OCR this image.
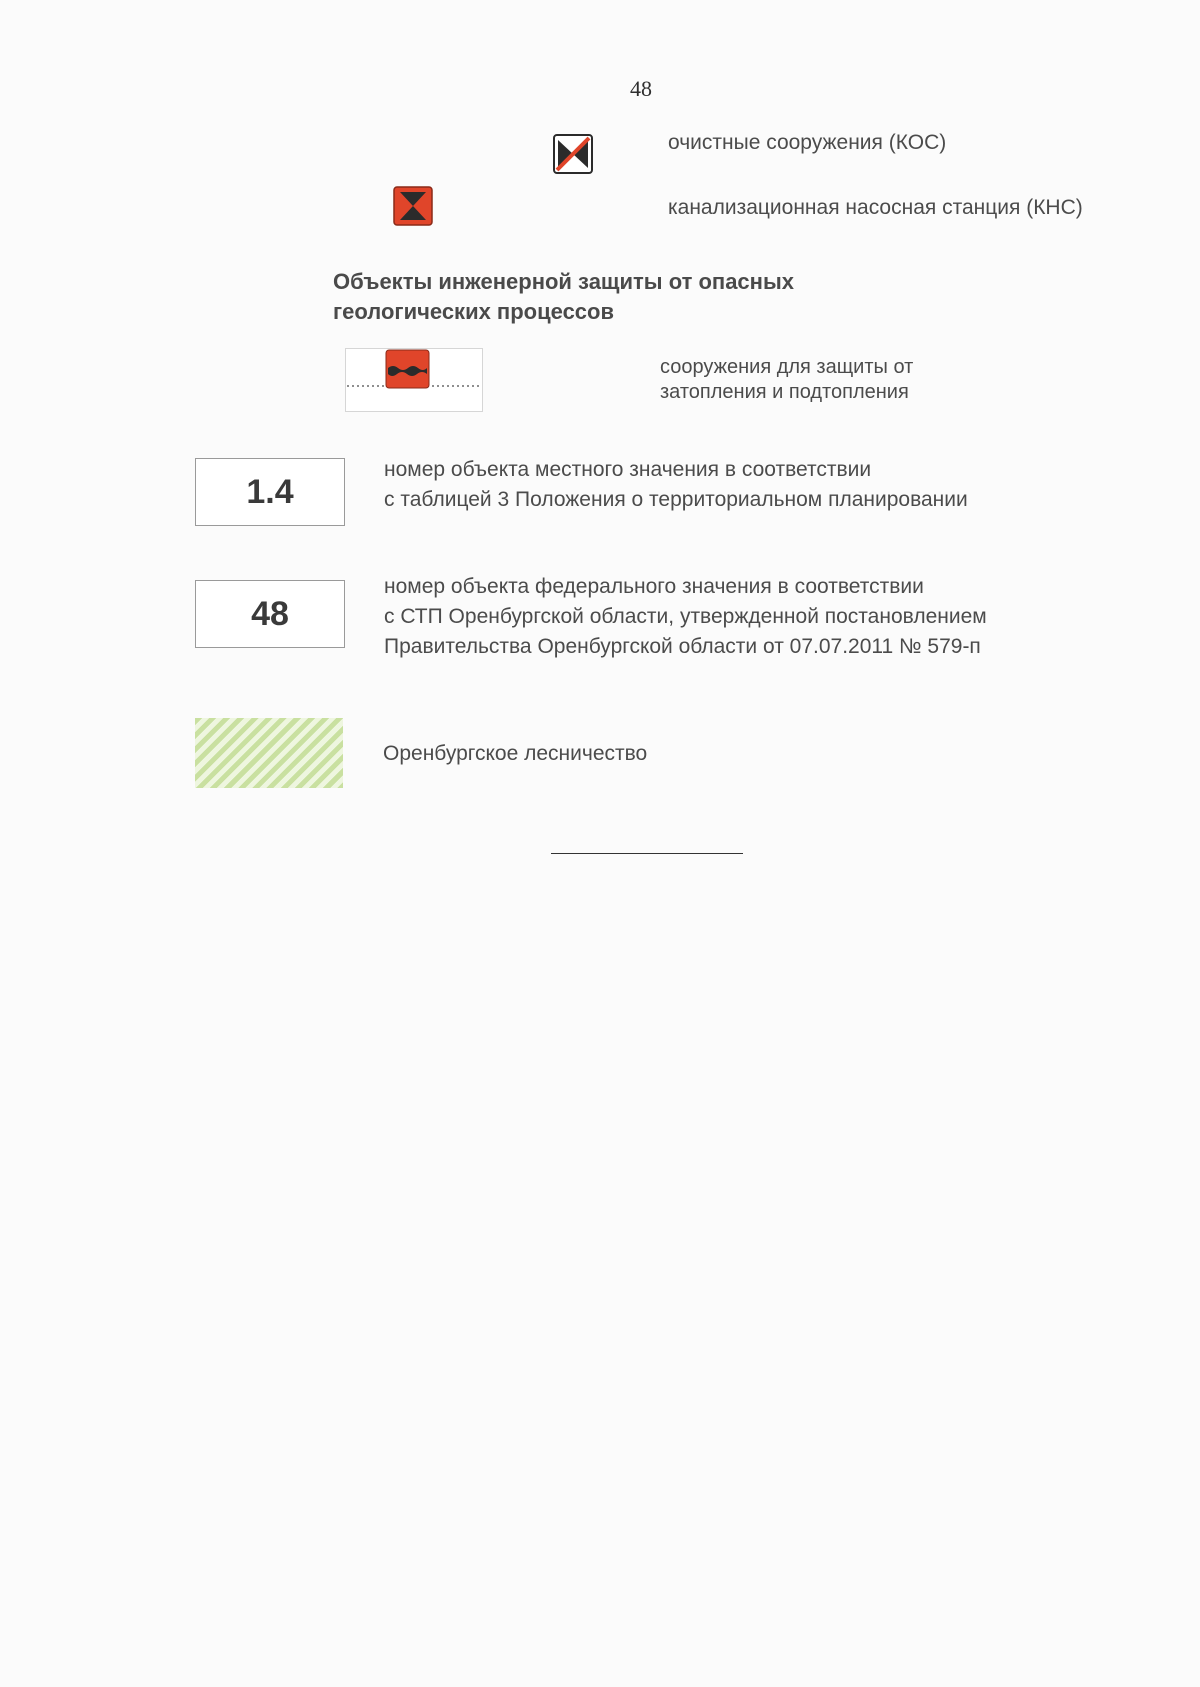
48
очистные сооружения (КОС)
канализационная насосная станция (КНС)
Объекты инженерной защиты от опасных
геологических процессов
сооружения для защиты от
затопления и подтопления
1.4
номер объекта местного значения в соответствии
с таблицей 3 Положения о территориальном планировании
48
номер объекта федерального значения в соответствии
с СТП Оренбургской области, утвержденной постановлением
Правительства Оренбургской области от 07.07.2011 № 579-п
Оренбургское лесничество
